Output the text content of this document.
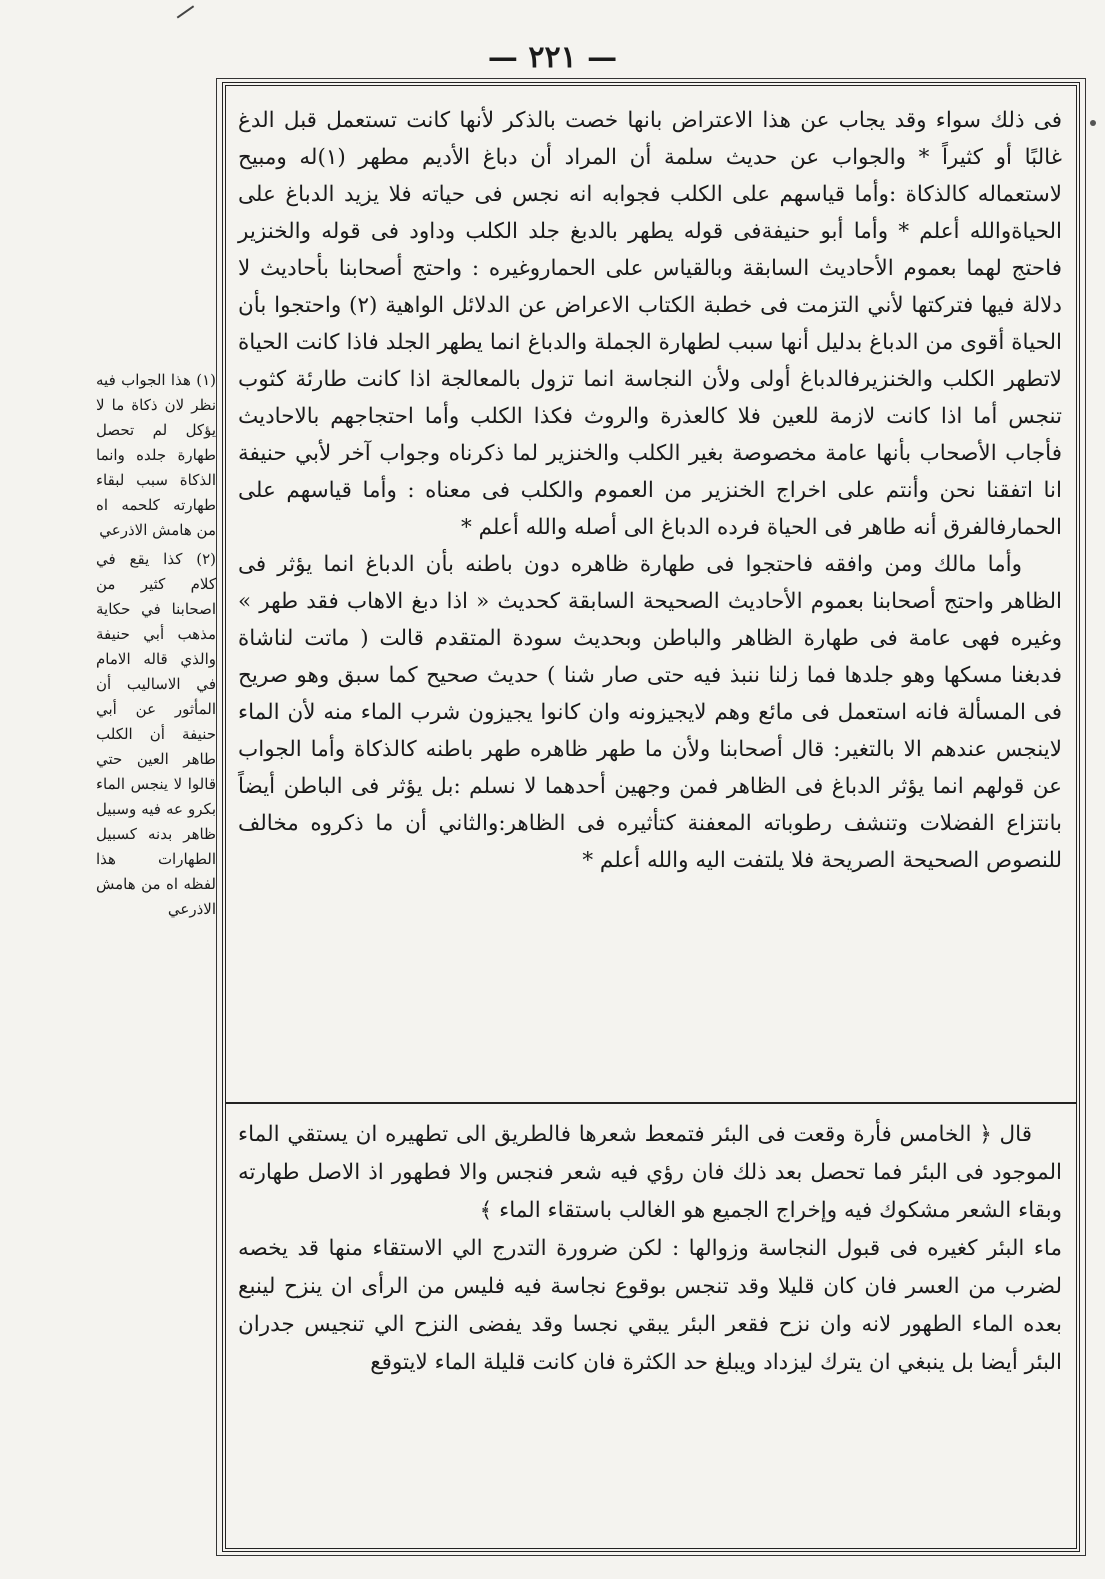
— ٢٢١ —

فى ذلك سواء وقد يجاب عن هذا الاعتراض بانها خصت بالذكر لأنها كانت تستعمل قبل الدغ غالبًا أو كثيراً * والجواب عن حديث سلمة أن المراد أن دباغ الأديم مطهر (١)له ومبيح لاستعماله كالذكاة :وأما قياسهم على الكلب فجوابه انه نجس فى حياته فلا يزيد الدباغ على الحياةوالله أعلم * وأما أبو حنيفةفى قوله يطهر بالدبغ جلد الكلب وداود فى قوله والخنزير فاحتج لهما بعموم الأحاديث السابقة وبالقياس على الحماروغيره : واحتج أصحابنا بأحاديث لا دلالة فيها فتركتها لأني التزمت فى خطبة الكتاب الاعراض عن الدلائل الواهية (٢) واحتجوا بأن الحياة أقوى من الدباغ بدليل أنها سبب لطهارة الجملة والدباغ انما يطهر الجلد فاذا كانت الحياة لاتطهر الكلب والخنزيرفالدباغ أولى ولأن النجاسة انما تزول بالمعالجة اذا كانت طارئة كثوب تنجس أما اذا كانت لازمة للعين فلا كالعذرة والروث فكذا الكلب وأما احتجاجهم بالاحاديث فأجاب الأصحاب بأنها عامة مخصوصة بغير الكلب والخنزير لما ذكرناه وجواب آخر لأبي حنيفة انا اتفقنا نحن وأنتم على اخراج الخنزير من العموم والكلب فى معناه : وأما قياسهم على الحمارفالفرق أنه طاهر فى الحياة فرده الدباغ الى أصله والله أعلم *

وأما مالك ومن وافقه فاحتجوا فى طهارة ظاهره دون باطنه بأن الدباغ انما يؤثر فى الظاهر واحتج أصحابنا بعموم الأحاديث الصحيحة السابقة كحديث « اذا دبغ الاهاب فقد طهر » وغيره فهى عامة فى طهارة الظاهر والباطن وبحديث سودة المتقدم قالت ( ماتت لناشاة فدبغنا مسكها وهو جلدها فما زلنا ننبذ فيه حتى صار شنا ) حديث صحيح كما سبق وهو صريح فى المسألة فانه استعمل فى مائع وهم لايجيزونه وان كانوا يجيزون شرب الماء منه لأن الماء لاينجس عندهم الا بالتغير: قال أصحابنا ولأن ما طهر ظاهره طهر باطنه كالذكاة وأما الجواب عن قولهم انما يؤثر الدباغ فى الظاهر فمن وجهين أحدهما لا نسلم :بل يؤثر فى الباطن أيضاً بانتزاع الفضلات وتنشف رطوباته المعفنة كتأثيره فى الظاهر:والثاني أن ما ذكروه مخالف للنصوص الصحيحة الصريحة فلا يلتفت اليه والله أعلم *

قال ﴿ الخامس فأرة وقعت فى البئر فتمعط شعرها فالطريق الى تطهيره ان يستقي الماء الموجود فى البئر فما تحصل بعد ذلك فان رؤي فيه شعر فنجس والا فطهور اذ الاصل طهارته وبقاء الشعر مشكوك فيه وإخراج الجميع هو الغالب باستقاء الماء ﴾

ماء البئر كغيره فى قبول النجاسة وزوالها : لكن ضرورة التدرج الي الاستقاء منها قد يخصه لضرب من العسر فان كان قليلا وقد تنجس بوقوع نجاسة فيه فليس من الرأى ان ينزح لينبع بعده الماء الطهور لانه وان نزح فقعر البئر يبقي نجسا وقد يفضى النزح الي تنجيس جدران البئر أيضا بل ينبغي ان يترك ليزداد ويبلغ حد الكثرة فان كانت قليلة الماء لايتوقع

(١) هذا الجواب فيه نظر لان ذكاة ما لا يؤكل لم تحصل طهارة جلده وانما الذكاة سبب لبقاء طهارته كلحمه اه من هامش الاذرعي

(٢) كذا يقع في كلام كثير من اصحابنا في حكاية مذهب أبي حنيفة والذي قاله الامام في الاساليب أن المأثور عن أبي حنيفة أن الكلب طاهر العين حتي قالوا لا ينجس الماء بكرو عه فيه وسبيل ظاهر بدنه كسبيل الطهارات هذا لفظه اه من هامش الاذرعي
